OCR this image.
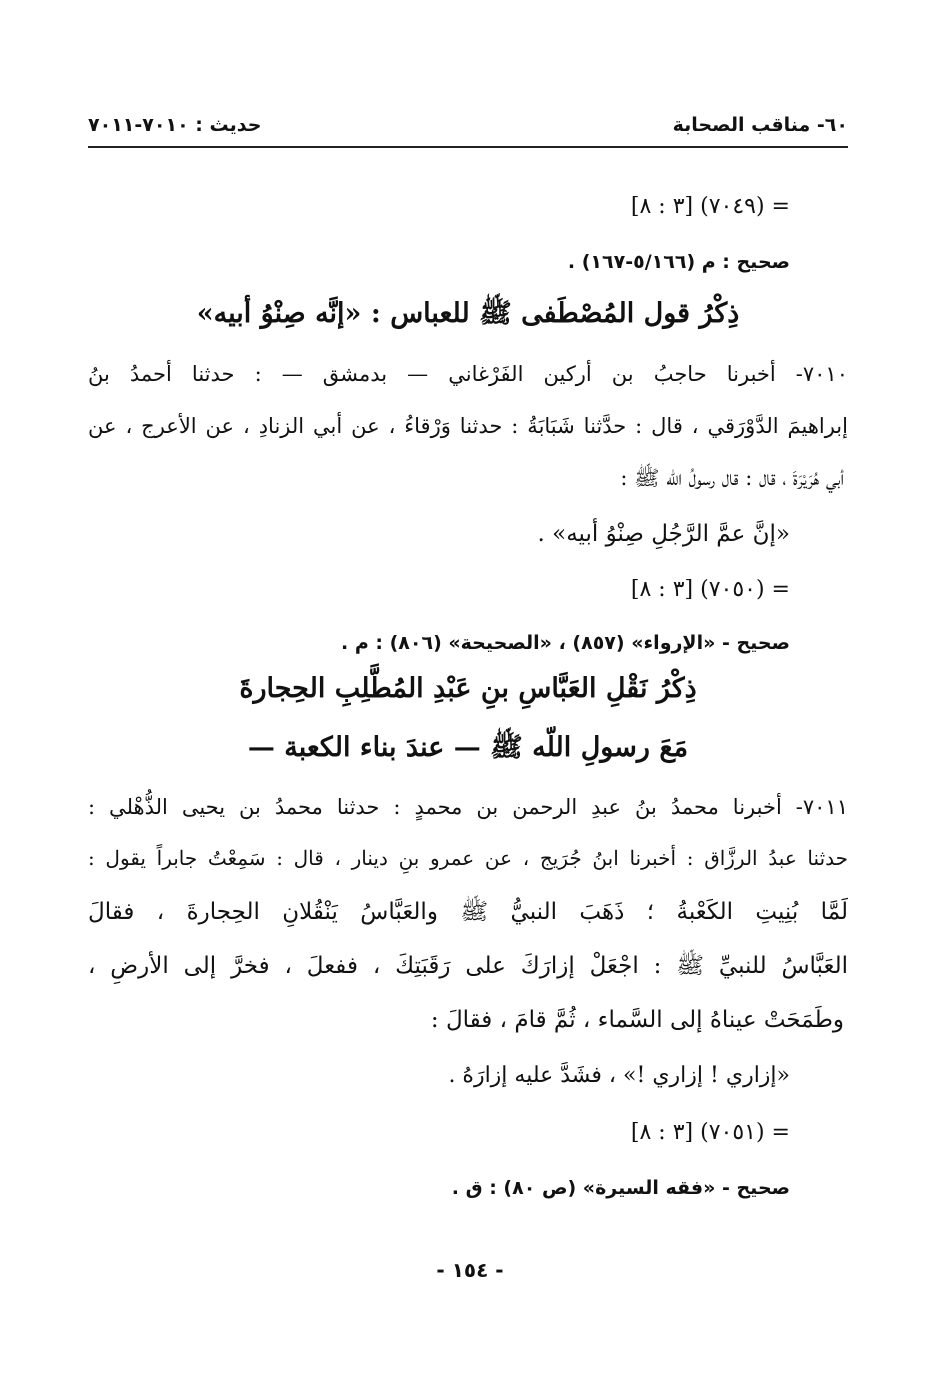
٦٠- مناقب الصحابة
حديث : ٧٠١٠-٧٠١١
= (٧٠٤٩) [٣ : ٨]
صحيح : م (٥/١٦٦-١٦٧) .
ذِكْرُ قول المُصْطَفى ﷺ للعباس : «إنَّه صِنْوُ أبيه»
٧٠١٠- أخبرنا حاجبُ بن أركين الفَرْغاني — بدمشق — : حدثنا أحمدُ بنُ
إبراهيمَ الدَّوْرَقي ، قال : حدَّثنا شَبَابَةُ : حدثنا وَرْقاءُ ، عن أبي الزنادِ ، عن الأعرج ، عن
أبي هُرَيْرَةَ ، قال : قال رسولُ اللّه ﷺ :
«إنَّ عمَّ الرَّجُلِ صِنْوُ أبيه» .
= (٧٠٥٠) [٣ : ٨]
صحيح - «الإرواء» (٨٥٧) ، «الصحيحة» (٨٠٦) : م .
ذِكْرُ نَقْلِ العَبَّاسِ بنِ عَبْدِ المُطَّلِبِ الحِجارةَ
مَعَ رسولِ اللّه ﷺ — عندَ بناء الكعبة —
٧٠١١- أخبرنا محمدُ بنُ عبدِ الرحمن بن محمدٍ : حدثنا محمدُ بن يحيى الذُّهْلي :
حدثنا عبدُ الرزَّاق : أخبرنا ابنُ جُرَيج ، عن عمرو بنِ دينار ، قال : سَمِعْتُ جابراً يقول :
لَمَّا بُنِيتِ الكَعْبةُ ؛ ذَهَبَ النبيُّ ﷺ والعَبَّاسُ يَنْقُلانِ الحِجارةَ ، فقالَ
العَبَّاسُ للنبيِّ ﷺ : اجْعَلْ إزارَكَ على رَقَبَتِكَ ، ففعلَ ، فخرَّ إلى الأرضِ ،
وطَمَحَتْ عيناهُ إلى السَّماء ، ثُمَّ قامَ ، فقالَ :
«إزاري ! إزاري !» ، فشَدَّ عليه إزارَهُ .
= (٧٠٥١) [٣ : ٨]
صحيح - «فقه السيرة» (ص ٨٠) : ق .
- ١٥٤ -
